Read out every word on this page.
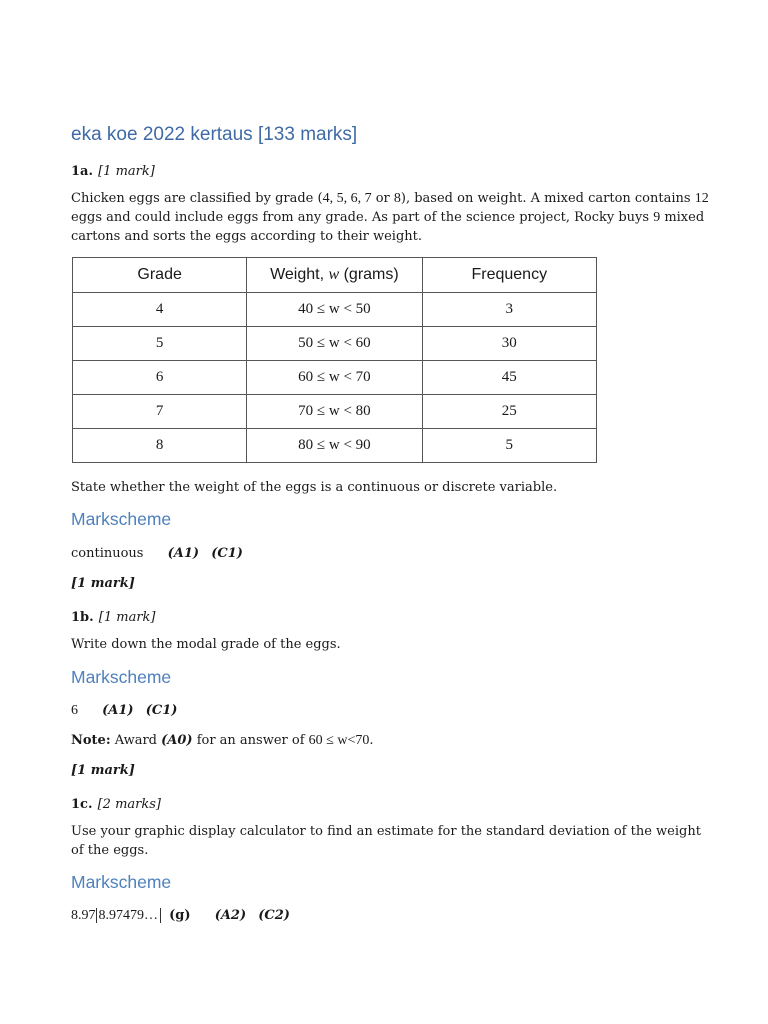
eka koe 2022 kertaus [133 marks]
1a. [1 mark]
Chicken eggs are classified by grade (4, 5, 6, 7 or 8), based on weight. A mixed carton contains 12 eggs and could include eggs from any grade. As part of the science project, Rocky buys 9 mixed cartons and sorts the eggs according to their weight.
Grade	Weight, w (grams)	Frequency
4	40 ≤ w < 50	3
5	50 ≤ w < 60	30
6	60 ≤ w < 70	45
7	70 ≤ w < 80	25
8	80 ≤ w < 90	5
State whether the weight of the eggs is a continuous or discrete variable.
Markscheme
continuous (A1) (C1)
[1 mark]
1b. [1 mark]
Write down the modal grade of the eggs.
Markscheme
6 (A1) (C1)
Note: Award (A0) for an answer of 60 ≤ w<70.
[1 mark]
1c. [2 marks]
Use your graphic display calculator to find an estimate for the standard deviation of the weight of the eggs.
Markscheme
8.97 8.97479… (g) (A2) (C2)
